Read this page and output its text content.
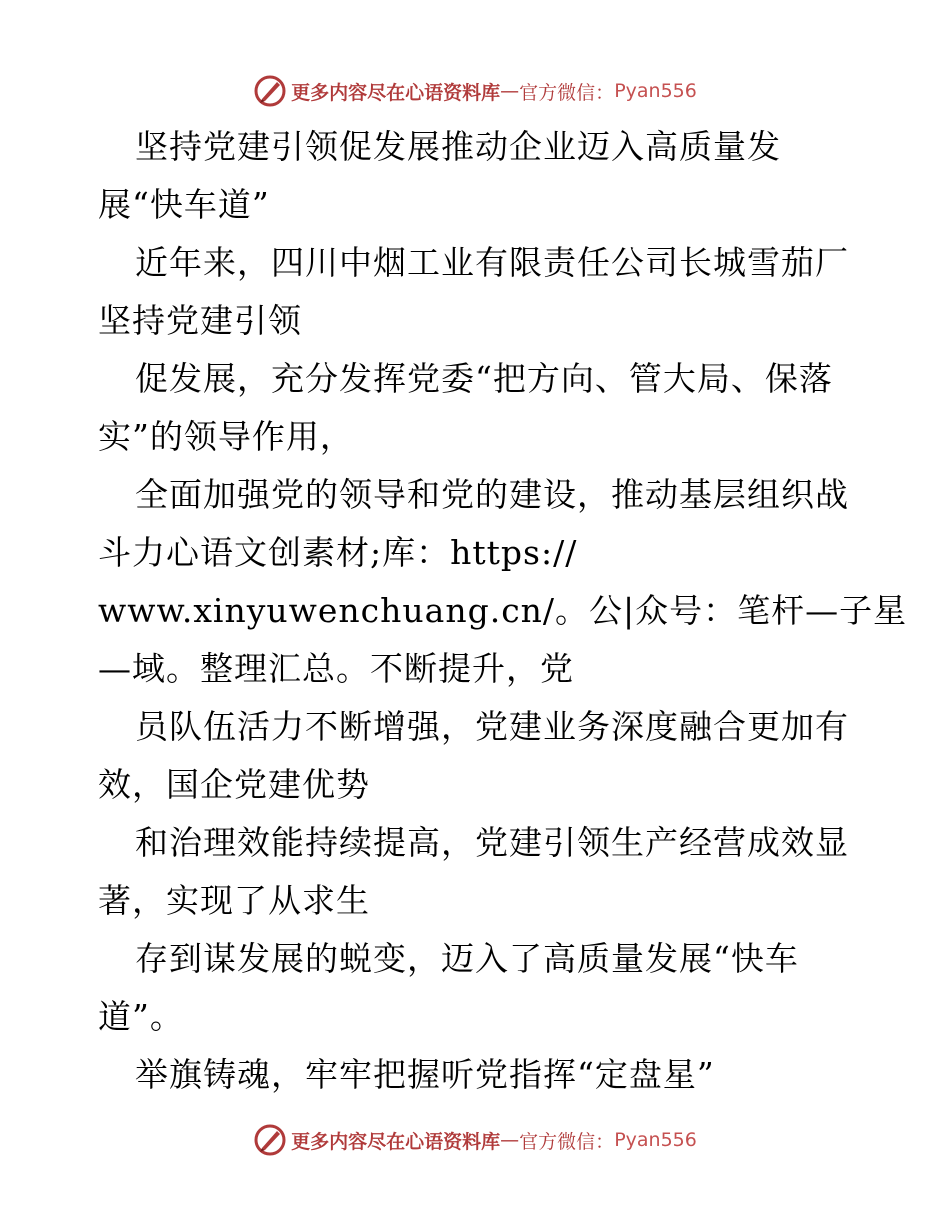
更多内容尽在心语资料库 — 官方微信： Pyan556
坚持党建引领促发展推动企业迈入高质量发
展“快车道”
近年来，四川中烟工业有限责任公司长城雪茄厂
坚持党建引领
促发展，充分发挥党委“把方向、管大局、保落
实”的领导作用，
全面加强党的领导和党的建设，推动基层组织战
斗力心语文创素材;库：https://
www.xinyuwenchuang.cn/。公|众号：笔杆—子星
—域。整理汇总。不断提升，党
员队伍活力不断增强，党建业务深度融合更加有
效，国企党建优势
和治理效能持续提高，党建引领生产经营成效显
著，实现了从求生
存到谋发展的蜕变，迈入了高质量发展“快车
道”。
举旗铸魂，牢牢把握听党指挥“定盘星”
更多内容尽在心语资料库 — 官方微信： Pyan556
